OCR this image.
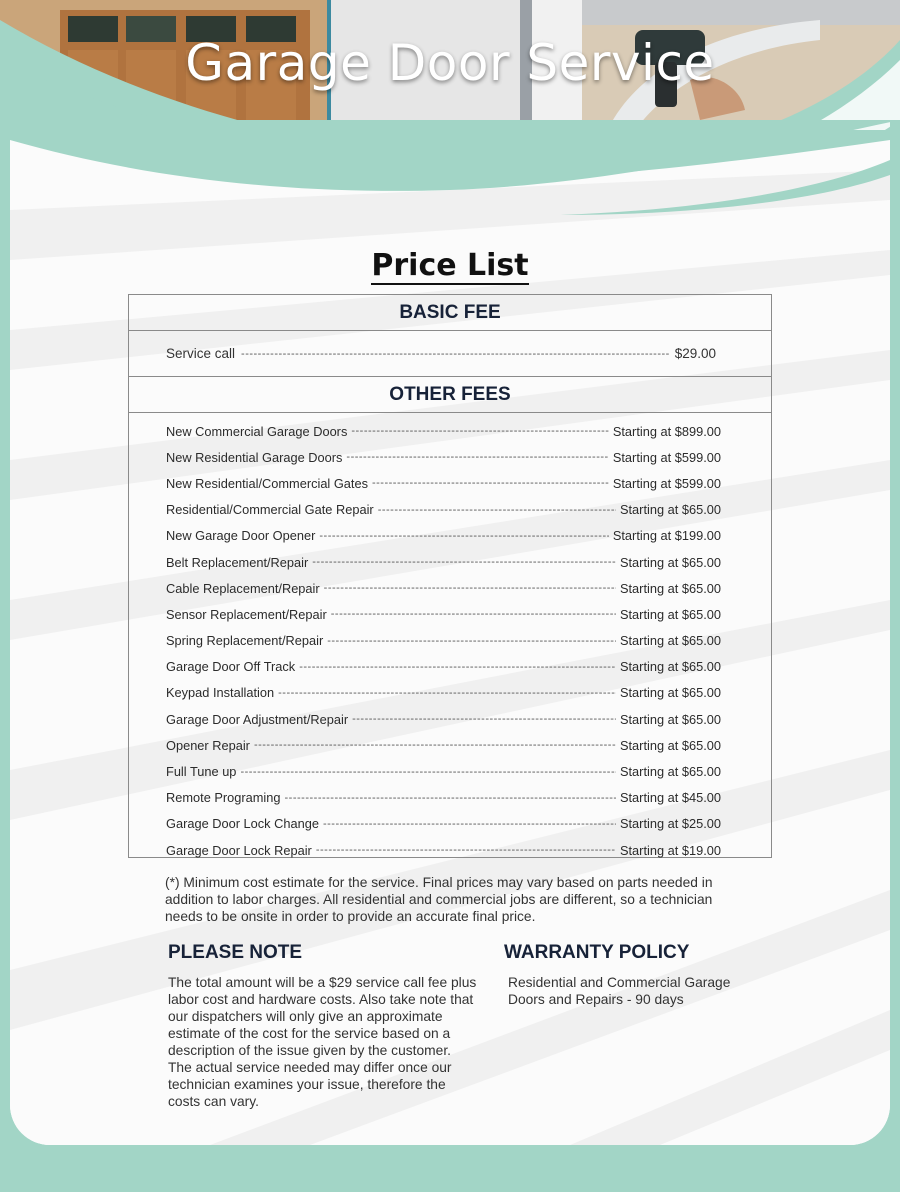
Garage Door Service
Price List
BASIC FEE
Service call -----	$29.00
OTHER FEES
New Commercial Garage Doors -----	Starting at $899.00
New Residential Garage Doors -----	Starting at $599.00
New Residential/Commercial Gates -----	Starting at $599.00
Residential/Commercial Gate Repair -----	Starting at $65.00
New Garage Door Opener -----	Starting at $199.00
Belt Replacement/Repair -----	Starting at $65.00
Cable Replacement/Repair -----	Starting at $65.00
Sensor Replacement/Repair -----	Starting at $65.00
Spring Replacement/Repair -----	Starting at $65.00
Garage Door Off Track -----	Starting at $65.00
Keypad Installation -----	Starting at $65.00
Garage Door Adjustment/Repair -----	Starting at $65.00
Opener Repair -----	Starting at $65.00
Full Tune up -----	Starting at $65.00
Remote Programing -----	Starting at $45.00
Garage Door Lock Change -----	Starting at $25.00
Garage Door Lock Repair -----	Starting at $19.00
(*) Minimum cost estimate for the service. Final prices may vary based on parts needed in addition to labor charges. All residential and commercial jobs are different, so a technician needs to be onsite in order to provide an accurate final price.
PLEASE NOTE

The total amount will be a $29 service call fee plus labor cost and hardware costs. Also take note that our dispatchers will only give an approximate estimate of the cost for the service based on a description of the issue given by the customer. The actual service needed may differ once our technician examines your issue, therefore the costs can vary.

WARRANTY POLICY

Residential and Commercial Garage Doors and Repairs - 90 days
